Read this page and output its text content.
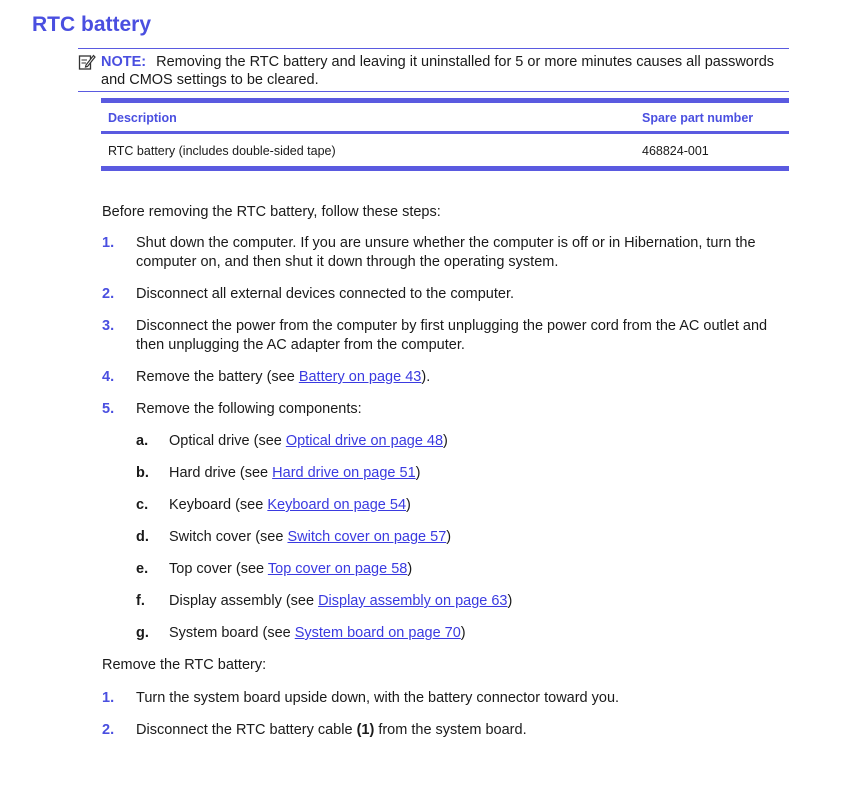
RTC battery
NOTE: Removing the RTC battery and leaving it uninstalled for 5 or more minutes causes all passwords and CMOS settings to be cleared.
Description	Spare part number
RTC battery (includes double-sided tape)	468824-001

Before removing the RTC battery, follow these steps:

1. Shut down the computer. If you are unsure whether the computer is off or in Hibernation, turn the computer on, and then shut it down through the operating system.
2. Disconnect all external devices connected to the computer.
3. Disconnect the power from the computer by first unplugging the power cord from the AC outlet and then unplugging the AC adapter from the computer.
4. Remove the battery (see Battery on page 43).
5. Remove the following components:
a. Optical drive (see Optical drive on page 48)
b. Hard drive (see Hard drive on page 51)
c. Keyboard (see Keyboard on page 54)
d. Switch cover (see Switch cover on page 57)
e. Top cover (see Top cover on page 58)
f. Display assembly (see Display assembly on page 63)
g. System board (see System board on page 70)

Remove the RTC battery:

1. Turn the system board upside down, with the battery connector toward you.
2. Disconnect the RTC battery cable (1) from the system board.
